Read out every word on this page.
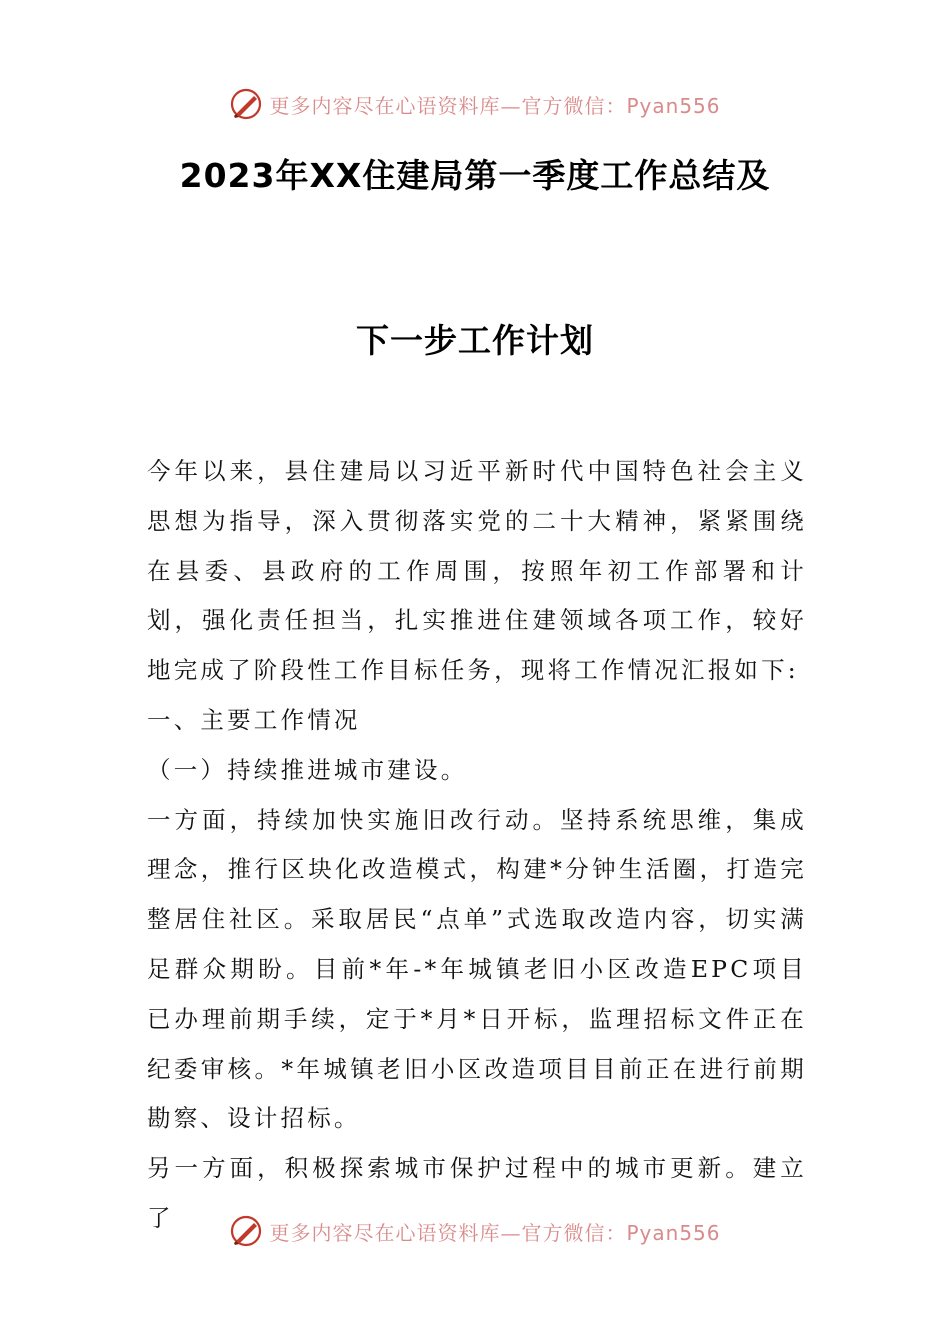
更多内容尽在心语资料库—官方微信：Pyan556
2023年XX住建局第一季度工作总结及
下一步工作计划

今年以来，县住建局以习近平新时代中国特色社会主义思想为指导，深入贯彻落实党的二十大精神，紧紧围绕在县委、县政府的工作周围，按照年初工作部署和计划，强化责任担当，扎实推进住建领域各项工作，较好地完成了阶段性工作目标任务，现将工作情况汇报如下:

一、主要工作情况

（一）持续推进城市建设。

一方面，持续加快实施旧改行动。坚持系统思维，集成理念，推行区块化改造模式，构建*分钟生活圈，打造完整居住社区。采取居民“点单”式选取改造内容，切实满足群众期盼。目前*年-*年城镇老旧小区改造EPC项目已办理前期手续，定于*月*日开标，监理招标文件正在纪委审核。*年城镇老旧小区改造项目目前正在进行前期勘察、设计招标。

另一方面，积极探索城市保护过程中的城市更新。建立了

更多内容尽在心语资料库—官方微信：Pyan556
